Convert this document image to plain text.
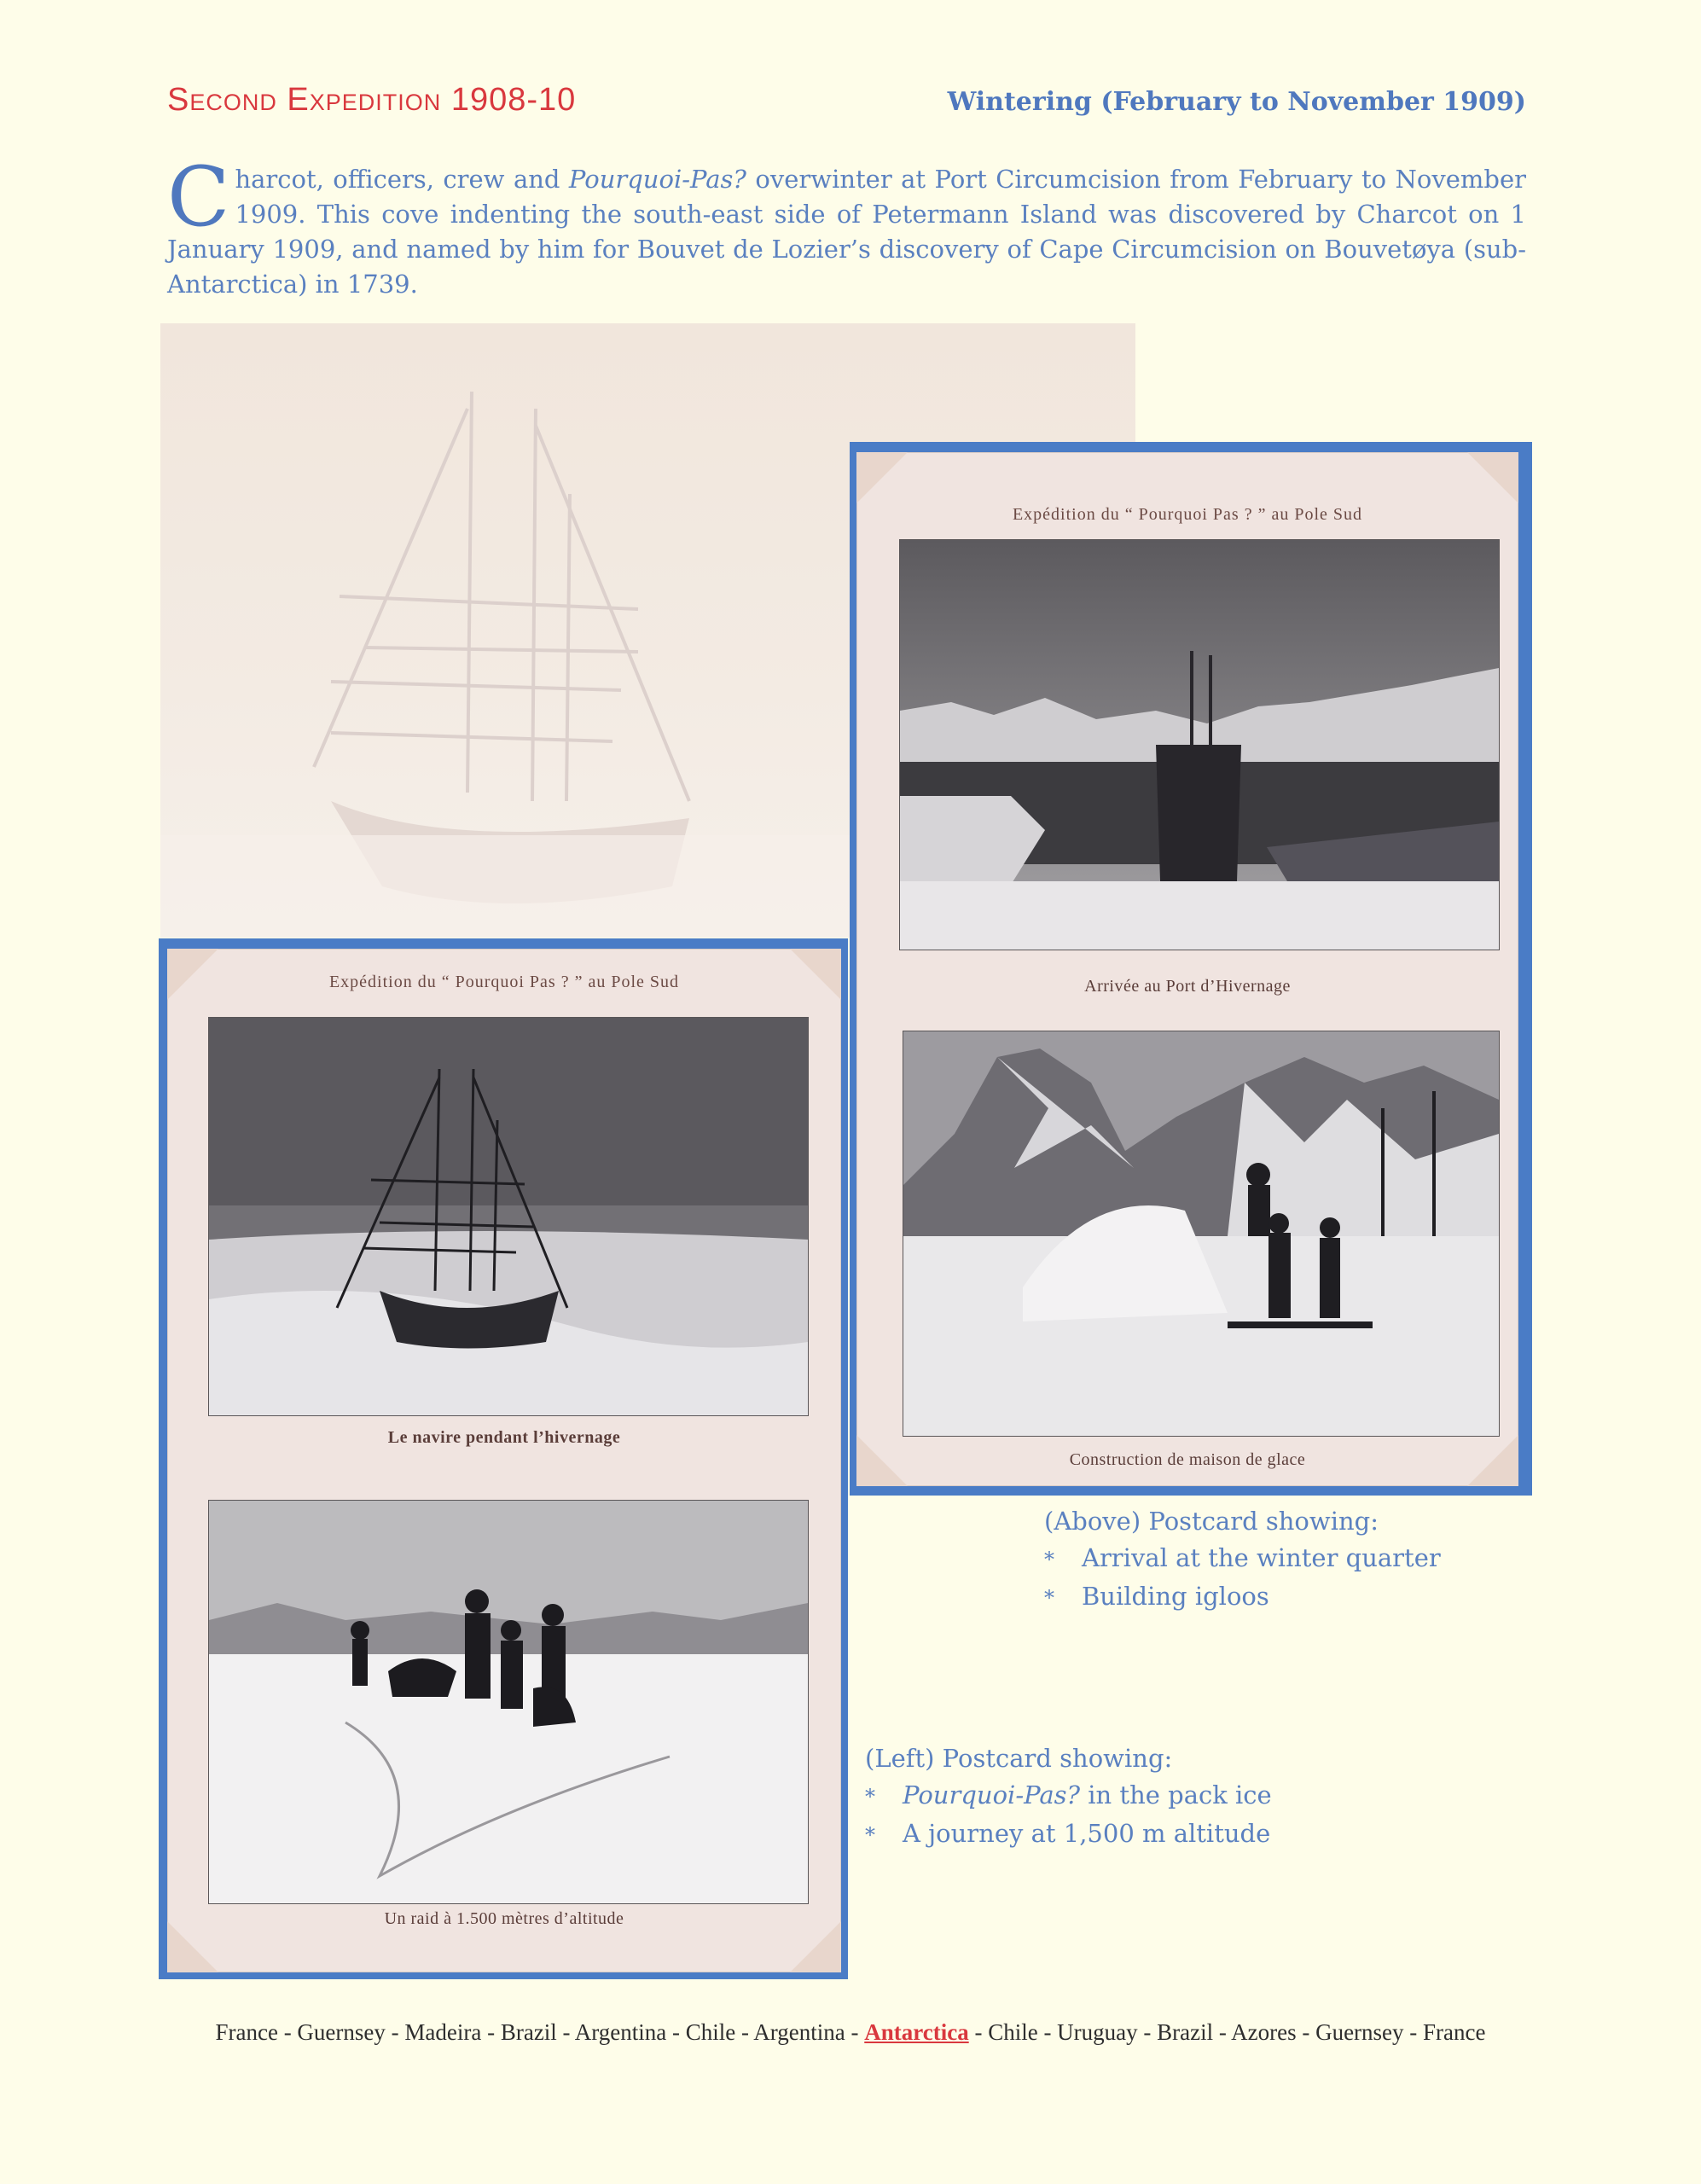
Second Expedition 1908-10	Wintering (February to November 1909)
Charcot, officers, crew and Pourquoi-Pas? overwinter at Port Circumcision from February to November 1909. This cove indenting the south-east side of Petermann Island was discovered by Charcot on 1 January 1909, and named by him for Bouvet de Lozier’s discovery of Cape Circumcision on Bouvetøya (sub-Antarctica) in 1739.
Expédition du “ Pourquoi Pas ? ” au Pole Sud
Arrivée au Port d’Hivernage
Construction de maison de glace
Expédition du “ Pourquoi Pas ? ” au Pole Sud
Le navire pendant l’hivernage
Un raid à 1.500 mètres d’altitude
(Above) Postcard showing:
* Arrival at the winter quarter
* Building igloos
(Left) Postcard showing:
* Pourquoi-Pas? in the pack ice
* A journey at 1,500 m altitude
France - Guernsey - Madeira - Brazil - Argentina - Chile - Argentina - Antarctica - Chile - Uruguay - Brazil - Azores - Guernsey - France
